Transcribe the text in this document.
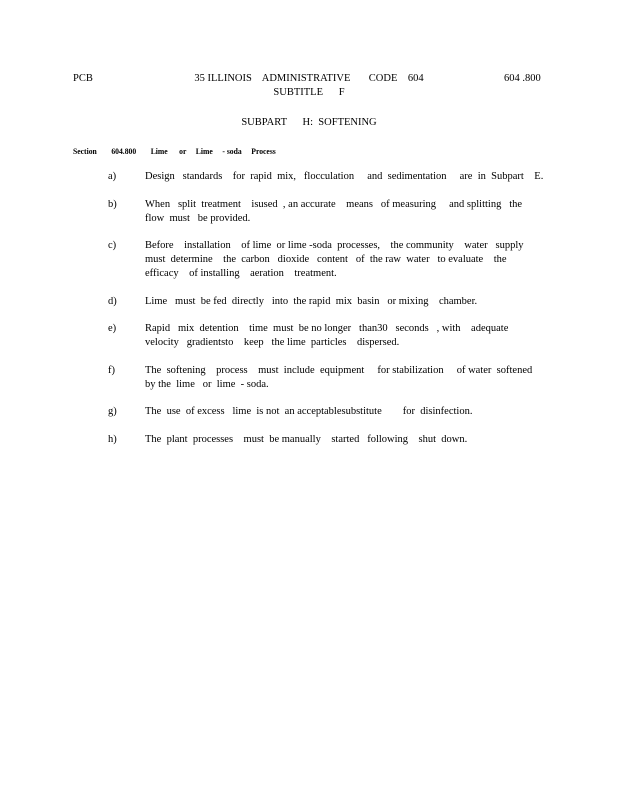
PCB	35 ILLINOIS    ADMINISTRATIVE       CODE    604
SUBTITLE      F
604 .800
SUBPART      H:  SOFTENING
Section 604.800 Lime      or     Lime     - soda     Process
a)	Design   standards    for  rapid  mix,   flocculation     and  sedimentation     are  in  Subpart    E.
b)	When   split  treatment    isused  , an accurate    means   of measuring     and splitting   the
flow  must   be provided.
c)	Before    installation    of lime  or lime -soda  processes,    the community    water   supply
must  determine    the  carbon   dioxide   content   of  the raw  water   to evaluate    the
efficacy    of installing    aeration    treatment.
d)	Lime   must  be fed  directly   into  the rapid  mix  basin   or mixing    chamber.
e)	Rapid   mix  detention    time  must  be no longer   than30   seconds   , with    adequate
velocity   gradientsto    keep   the lime  particles    dispersed.
f)	The  softening    process    must  include  equipment     for stabilization     of water  softened
by the  lime   or  lime  - soda.
g)	The  use  of excess   lime  is not  an acceptablesubstitute        for  disinfection.
h)	The  plant  processes    must  be manually    started   following    shut  down.
